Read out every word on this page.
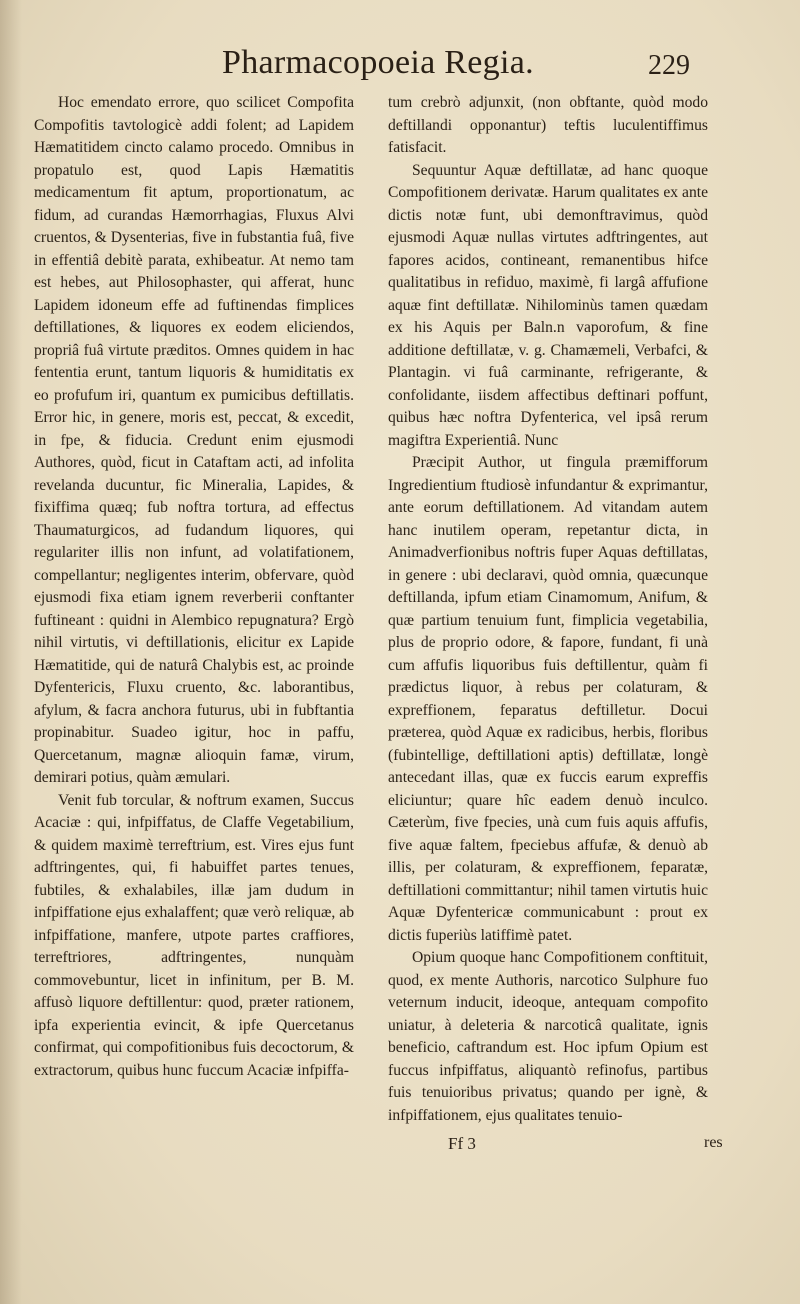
Pharmacopoeia Regia.	229

Hoc emendato errore, quo scilicet Compofita Compofitis tavtologicè addi folent; ad Lapidem Hæmatitidem cincto calamo procedo. Omnibus in propatulo est, quod Lapis Hæmatitis medicamentum fit aptum, proportionatum, ac fidum, ad curandas Hæmorrhagias, Fluxus Alvi cruentos, & Dysenterias, five in fubstantia fuâ, five in effentiâ debitè parata, exhibeatur. At nemo tam est hebes, aut Philosophaster, qui afferat, hunc Lapidem idoneum effe ad fuftinendas fimplices deftillationes, & liquores ex eodem eliciendos, propriâ fuâ virtute præditos. Omnes quidem in hac fententia erunt, tantum liquoris & humiditatis ex eo profufum iri, quantum ex pumicibus deftillatis. Error hic, in genere, moris est, peccat, & excedit, in fpe, & fiducia. Credunt enim ejusmodi Authores, quòd, ficut in Cataftam acti, ad infolita revelanda ducuntur, fic Mineralia, Lapides, & fixiffima quæq; fub noftra tortura, ad effectus Thaumaturgicos, ad fudandum liquores, qui regulariter illis non infunt, ad volatifationem, compellantur; negligentes interim, obfervare, quòd ejusmodi fixa etiam ignem reverberii conftanter fuftineant : quidni in Alembico repugnatura? Ergò nihil virtutis, vi deftillationis, elicitur ex Lapide Hæmatitide, qui de naturâ Chalybis est, ac proinde Dyfentericis, Fluxu cruento, &c. laborantibus, afylum, & facra anchora futurus, ubi in fubftantia propinabitur. Suadeo igitur, hoc in paffu, Quercetanum, magnæ alioquin famæ, virum, demirari potius, quàm æmulari.

Venit fub torcular, & noftrum examen, Succus Acaciæ : qui, infpiffatus, de Claffe Vegetabilium, & quidem maximè terreftrium, est. Vires ejus funt adftringentes, qui, fi habuiffet partes tenues, fubtiles, & exhalabiles, illæ jam dudum in infpiffatione ejus exhalaffent; quæ verò reliquæ, ab infpiffatione, manfere, utpote partes craffiores, terreftriores, adftringentes, nunquàm commovebuntur, licet in infinitum, per B. M. affusò liquore deftillentur: quod, præter rationem, ipfa experientia evincit, & ipfe Quercetanus confirmat, qui compofitionibus fuis decoctorum, & extractorum, quibus hunc fuccum Acaciæ infpiffa-

tum crebrò adjunxit, (non obftante, quòd modo deftillandi opponantur) teftis luculentiffimus fatisfacit.

Sequuntur Aquæ deftillatæ, ad hanc quoque Compofitionem derivatæ. Harum qualitates ex ante dictis notæ funt, ubi demonftravimus, quòd ejusmodi Aquæ nullas virtutes adftringentes, aut fapores acidos, contineant, remanentibus hifce qualitatibus in refiduo, maximè, fi largâ affufione aquæ fint deftillatæ. Nihilominùs tamen quædam ex his Aquis per Baln.n vaporofum, & fine additione deftillatæ, v. g. Chamæmeli, Verbafci, & Plantagin. vi fuâ carminante, refrigerante, & confolidante, iisdem affectibus deftinari poffunt, quibus hæc noftra Dyfenterica, vel ipsâ rerum magiftra Experientiâ. Nunc

Præcipit Author, ut fingula præmifforum Ingredientium ftudiosè infundantur & exprimantur, ante eorum deftillationem. Ad vitandam autem hanc inutilem operam, repetantur dicta, in Animadverfionibus noftris fuper Aquas deftillatas, in genere : ubi declaravi, quòd omnia, quæcunque deftillanda, ipfum etiam Cinamomum, Anifum, & quæ partium tenuium funt, fimplicia vegetabilia, plus de proprio odore, & fapore, fundant, fi unà cum affufis liquoribus fuis deftillentur, quàm fi prædictus liquor, à rebus per colaturam, & expreffionem, feparatus deftilletur. Docui præterea, quòd Aquæ ex radicibus, herbis, floribus (fubintellige, deftillationi aptis) deftillatæ, longè antecedant illas, quæ ex fuccis earum expreffis eliciuntur; quare hîc eadem denuò inculco. Cæterùm, five fpecies, unà cum fuis aquis affufis, five aquæ faltem, fpeciebus affufæ, & denuò ab illis, per colaturam, & expreffionem, feparatæ, deftillationi committantur; nihil tamen virtutis huic Aquæ Dyfentericæ communicabunt : prout ex dictis fuperiùs latiffimè patet.

Opium quoque hanc Compofitionem conftituit, quod, ex mente Authoris, narcotico Sulphure fuo veternum inducit, ideoque, antequam compofito uniatur, à deleteria & narcoticâ qualitate, ignis beneficio, caftrandum est. Hoc ipfum Opium est fuccus infpiffatus, aliquantò refinofus, partibus fuis tenuioribus privatus; quando per ignè, & infpiffationem, ejus qualitates tenuio-

Ff 3	res
